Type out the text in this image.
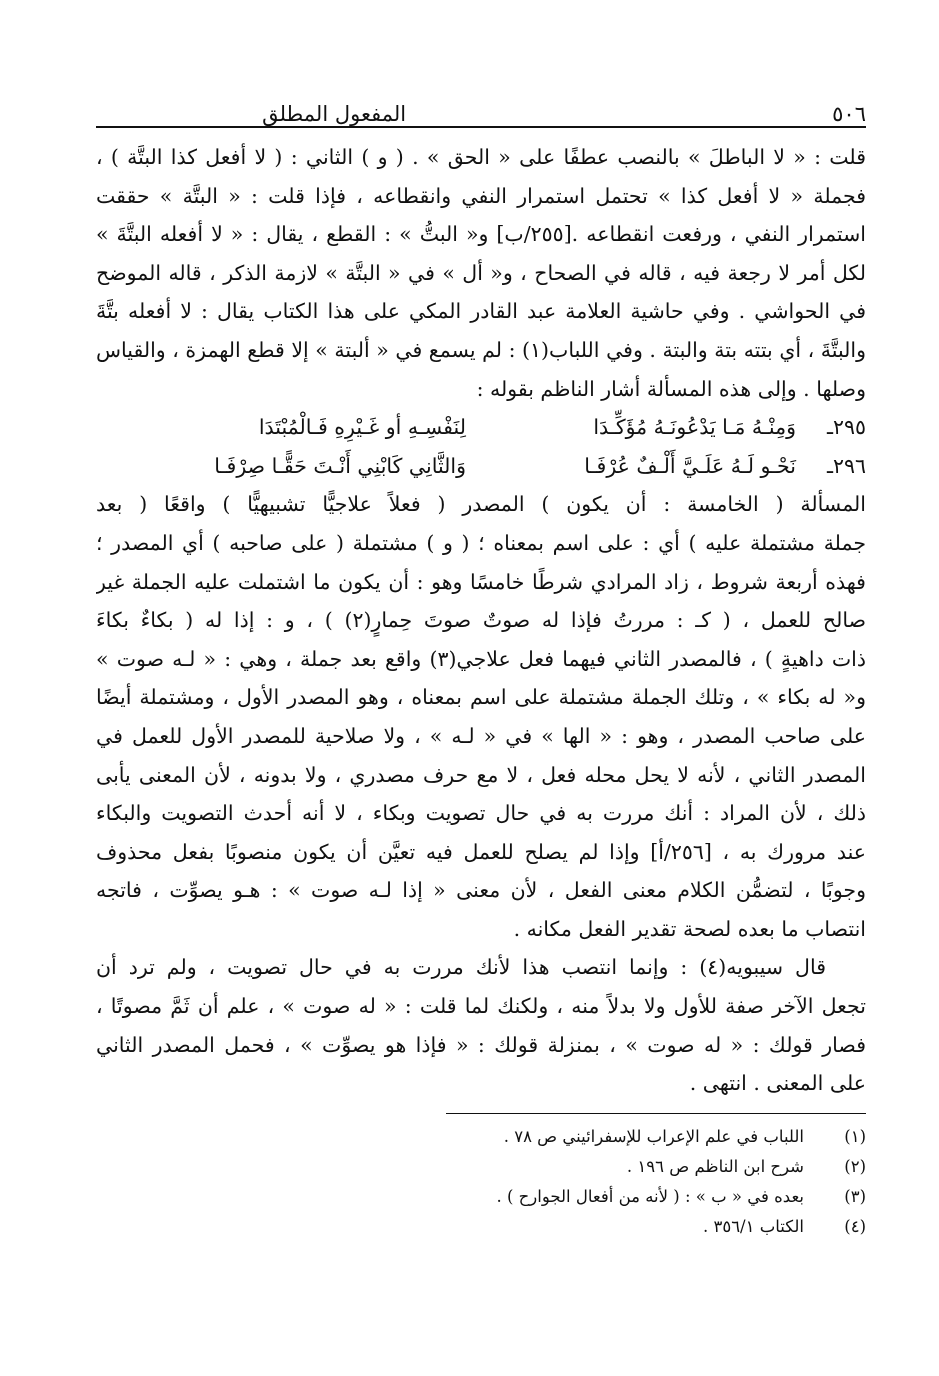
٥٠٦
المفعول المطلق
قلت : « لا الباطلَ » بالنصب عطفًا على « الحق » . ( و ) الثاني : ( لا أفعل كذا البتَّة ) ،
فجملة « لا أفعل كذا » تحتمل استمرار النفي وانقطاعه ، فإذا قلت : « البتَّة » حققت
استمرار النفي ، ورفعت انقطاعه .[٢٥٥/ب] و« البتُّ » : القطع ، يقال : « لا أفعله البتَّةَ »
لكل أمر لا رجعة فيه ، قاله في الصحاح ، و« أل » في « البتَّة » لازمة الذكر ، قاله الموضح
في الحواشي . وفي حاشية العلامة عبد القادر المكي على هذا الكتاب يقال : لا أفعله بتَّةَ
والبتَّةَ ، أي بتته بتة والبتة . وفي اللباب(١) : لم يسمع في « ألبتة » إلا قطع الهمزة ، والقياس
وصلها . وإلى هذه المسألة أشار الناظم بقوله :
٢٩٥ـ
وَمِنْـهُ مَـا يَدْعُونَـهُ مُؤَكِّـدَا
لِنَفْسِـهِ أو غَـيْرِهِ فَـالْمُبْتَدَا
٢٩٦ـ
نَحْـو لَـهُ عَلَـيَّ أَلْـفٌ عُرْفَـا
وَالثَّانِي كَابْنِي أَنْـتَ حَقًّـا صِرْفَـا
المسألة ( الخامسة : أن يكون ) المصدر ( فعلاً علاجيًّا تشبيهيًّا ) واقعًا ( بعد
جملة مشتملة عليه ) أي : على اسم بمعناه ؛ ( و ) مشتملة ( على صاحبه ) أي المصدر ؛
فهذه أربعة شروط ، زاد المرادي شرطًا خامسًا وهو : أن يكون ما اشتملت عليه الجملة غير
صالح للعمل ، ( كـ : مررتُ فإذا له صوتٌ صوتَ حِمارٍ(٢) ) ، و : إذا له ( بكاءٌ بكاءَ
ذات داهيةٍ ) ، فالمصدر الثاني فيهما فعل علاجي(٣) واقع بعد جملة ، وهي : « لـه صوت »
و« له بكاء » ، وتلك الجملة مشتملة على اسم بمعناه ، وهو المصدر الأول ، ومشتملة أيضًا
على صاحب المصدر ، وهو : « الها » في « لـه » ، ولا صلاحية للمصدر الأول للعمل في
المصدر الثاني ، لأنه لا يحل محله فعل ، لا مع حرف مصدري ، ولا بدونه ، لأن المعنى يأبى
ذلك ، لأن المراد : أنك مررت به في حال تصويت وبكاء ، لا أنه أحدث التصويت والبكاء
عند مرورك به ، [٢٥٦/أ] وإذا لم يصلح للعمل فيه تعيَّن أن يكون منصوبًا بفعل محذوف
وجوبًا ، لتضمُّن الكلام معنى الفعل ، لأن معنى « إذا لـه صوت » : هـو يصوِّت ، فاتجه
انتصاب ما بعده لصحة تقدير الفعل مكانه .
قال سيبويه(٤) : وإنما انتصب هذا لأنك مررت به في حال تصويت ، ولم ترد أن
تجعل الآخر صفة للأول ولا بدلاً منه ، ولكنك لما قلت : « له صوت » ، علم أن ثَمَّ مصوتًا ،
فصار قولك : « له صوت » ، بمنزلة قولك : « فإذا هو يصوِّت » ، فحمل المصدر الثاني
على المعنى . انتهى .
(١)
اللباب في علم الإعراب للإسفرائيني ص ٧٨ .
(٢)
شرح ابن الناظم ص ١٩٦ .
(٣)
بعده في « ب » : ( لأنه من أفعال الجوارح ) .
(٤)
الكتاب ٣٥٦/١ .
